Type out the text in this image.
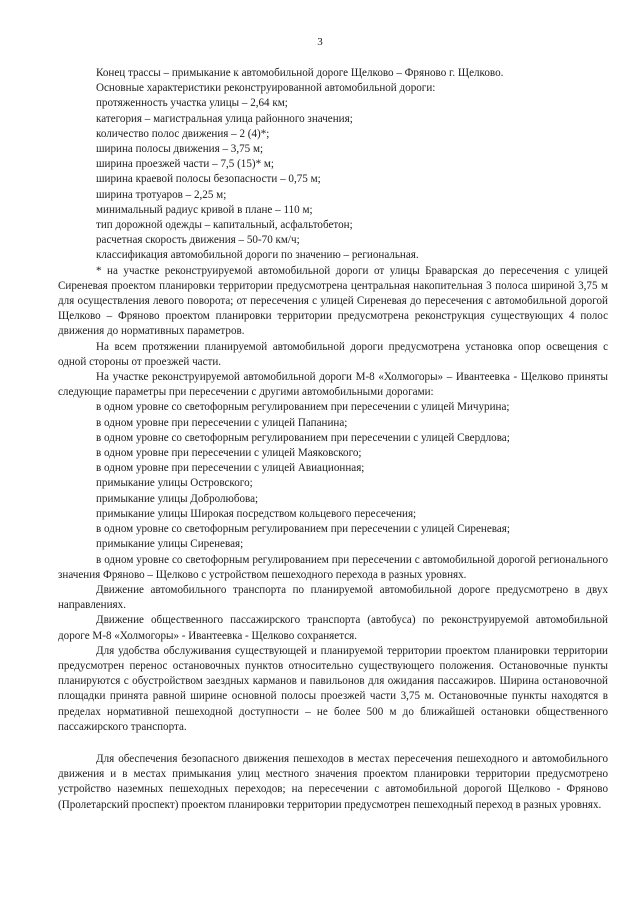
3

Конец трассы – примыкание к автомобильной дороге Щелково – Фряново г. Щелково.

Основные характеристики реконструированной автомобильной дороги:

протяженность участка улицы – 2,64 км;

категория – магистральная улица районного значения;

количество полос движения – 2 (4)*;

ширина полосы движения – 3,75 м;

ширина проезжей части – 7,5 (15)* м;

ширина краевой полосы безопасности – 0,75 м;

ширина тротуаров – 2,25 м;

минимальный радиус кривой в плане – 110 м;

тип дорожной одежды – капитальный, асфальтобетон;

расчетная скорость движения – 50-70 км/ч;

классификация автомобильной дороги по значению – региональная.

* на участке реконструируемой автомобильной дороги от улицы Браварская до пересечения с улицей Сиреневая проектом планировки территории предусмотрена центральная накопительная 3 полоса шириной 3,75 м для осуществления левого поворота; от пересечения с улицей Сиреневая до пересечения с автомобильной дорогой Щелково – Фряново проектом планировки территории предусмотрена реконструкция существующих 4 полос движения до нормативных параметров.

На всем протяжении планируемой автомобильной дороги предусмотрена установка опор освещения с одной стороны от проезжей части.

На участке реконструируемой автомобильной дороги М-8 «Холмогоры» – Ивантеевка - Щелково приняты следующие параметры при пересечении с другими автомобильными дорогами:

в одном уровне со светофорным регулированием при пересечении с улицей Мичурина;

в одном уровне при пересечении с улицей Папанина;

в одном уровне со светофорным регулированием при пересечении с улицей Свердлова;

в одном уровне при пересечении с улицей Маяковского;

в одном уровне при пересечении с улицей Авиационная;

примыкание улицы Островского;

примыкание улицы Добролюбова;

примыкание улицы Широкая посредством кольцевого пересечения;

в одном уровне со светофорным регулированием при пересечении с улицей Сиреневая;

примыкание улицы Сиреневая;

в одном уровне со светофорным регулированием при пересечении с автомобильной дорогой регионального значения Фряново – Щелково с устройством пешеходного перехода в разных уровнях.

Движение автомобильного транспорта по планируемой автомобильной дороге предусмотрено в двух направлениях.

Движение общественного пассажирского транспорта (автобуса) по реконструируемой автомобильной дороге М-8 «Холмогоры» - Ивантеевка - Щелково сохраняется.

Для удобства обслуживания существующей и планируемой территории проектом планировки территории предусмотрен перенос остановочных пунктов относительно существующего положения. Остановочные пункты планируются с обустройством заездных карманов и павильонов для ожидания пассажиров. Ширина остановочной площадки принята равной ширине основной полосы проезжей части 3,75 м. Остановочные пункты находятся в пределах нормативной пешеходной доступности – не более 500 м до ближайшей остановки общественного пассажирского транспорта.

Для обеспечения безопасного движения пешеходов в местах пересечения пешеходного и автомобильного движения и в местах примыкания улиц местного значения проектом планировки территории предусмотрено устройство наземных пешеходных переходов; на пересечении с автомобильной дорогой Щелково - Фряново (Пролетарский проспект) проектом планировки территории предусмотрен пешеходный переход в разных уровнях.
